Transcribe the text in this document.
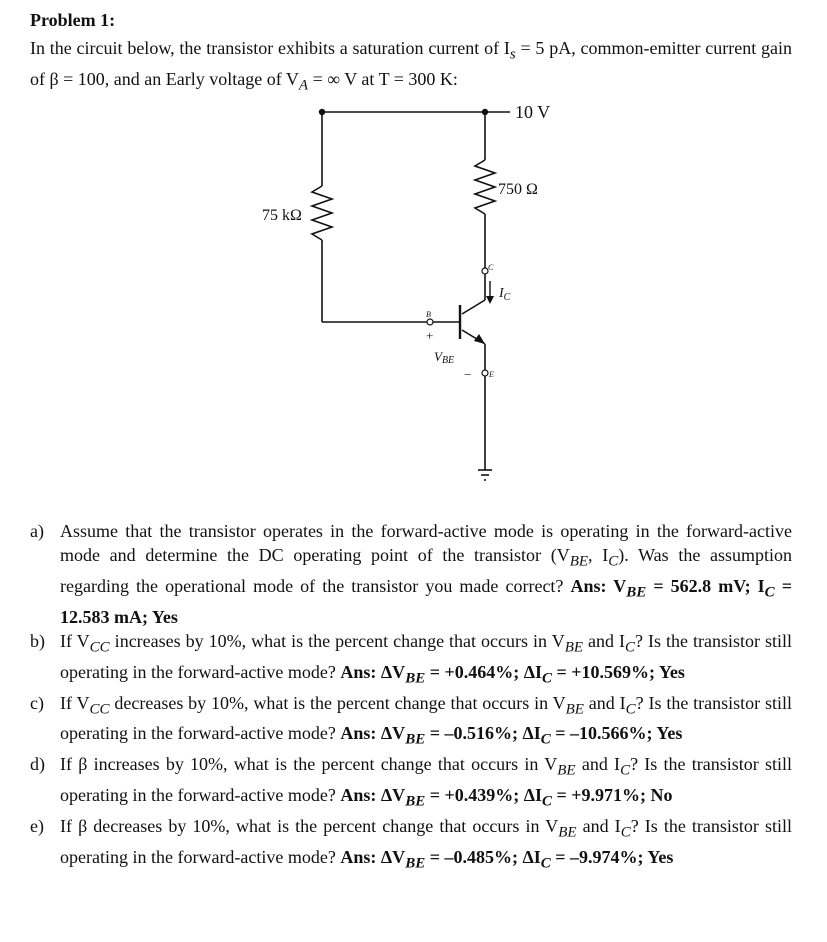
Problem 1:
In the circuit below, the transistor exhibits a saturation current of $I_s = 5$ pA, common-emitter current gain of β = 100, and an Early voltage of $V_A$ = ∞ V at T = 300 K:
10 V
75 kΩ
750 Ω
$I_C$
C
B
E
+
−
VBE
a) Assume that the transistor operates in the forward-active mode is operating in the forward-active mode and determine the DC operating point of the transistor ($V_{BE}$, $I_C$). Was the assumption regarding the operational mode of the transistor you made correct? Ans: $V_{BE} = 562.8$ mV; $I_C = 12.583$ mA; Yes
b) If $V_{CC}$ increases by 10%, what is the percent change that occurs in $V_{BE}$ and $I_C$? Is the transistor still operating in the forward-active mode? Ans: $\Delta V_{BE} = +0.464\%$; $\Delta I_C = +10.569\%$; Yes
c) If $V_{CC}$ decreases by 10%, what is the percent change that occurs in $V_{BE}$ and $I_C$? Is the transistor still operating in the forward-active mode? Ans: $\Delta V_{BE} = -0.516\%$; $\Delta I_C = -10.566\%$; Yes
d) If β increases by 10%, what is the percent change that occurs in $V_{BE}$ and $I_C$? Is the transistor still operating in the forward-active mode? Ans: $\Delta V_{BE} = +0.439\%$; $\Delta I_C = +9.971\%$; No
e) If β decreases by 10%, what is the percent change that occurs in $V_{BE}$ and $I_C$? Is the transistor still operating in the forward-active mode? Ans: $\Delta V_{BE} = -0.485\%$; $\Delta I_C = -9.974\%$; Yes
